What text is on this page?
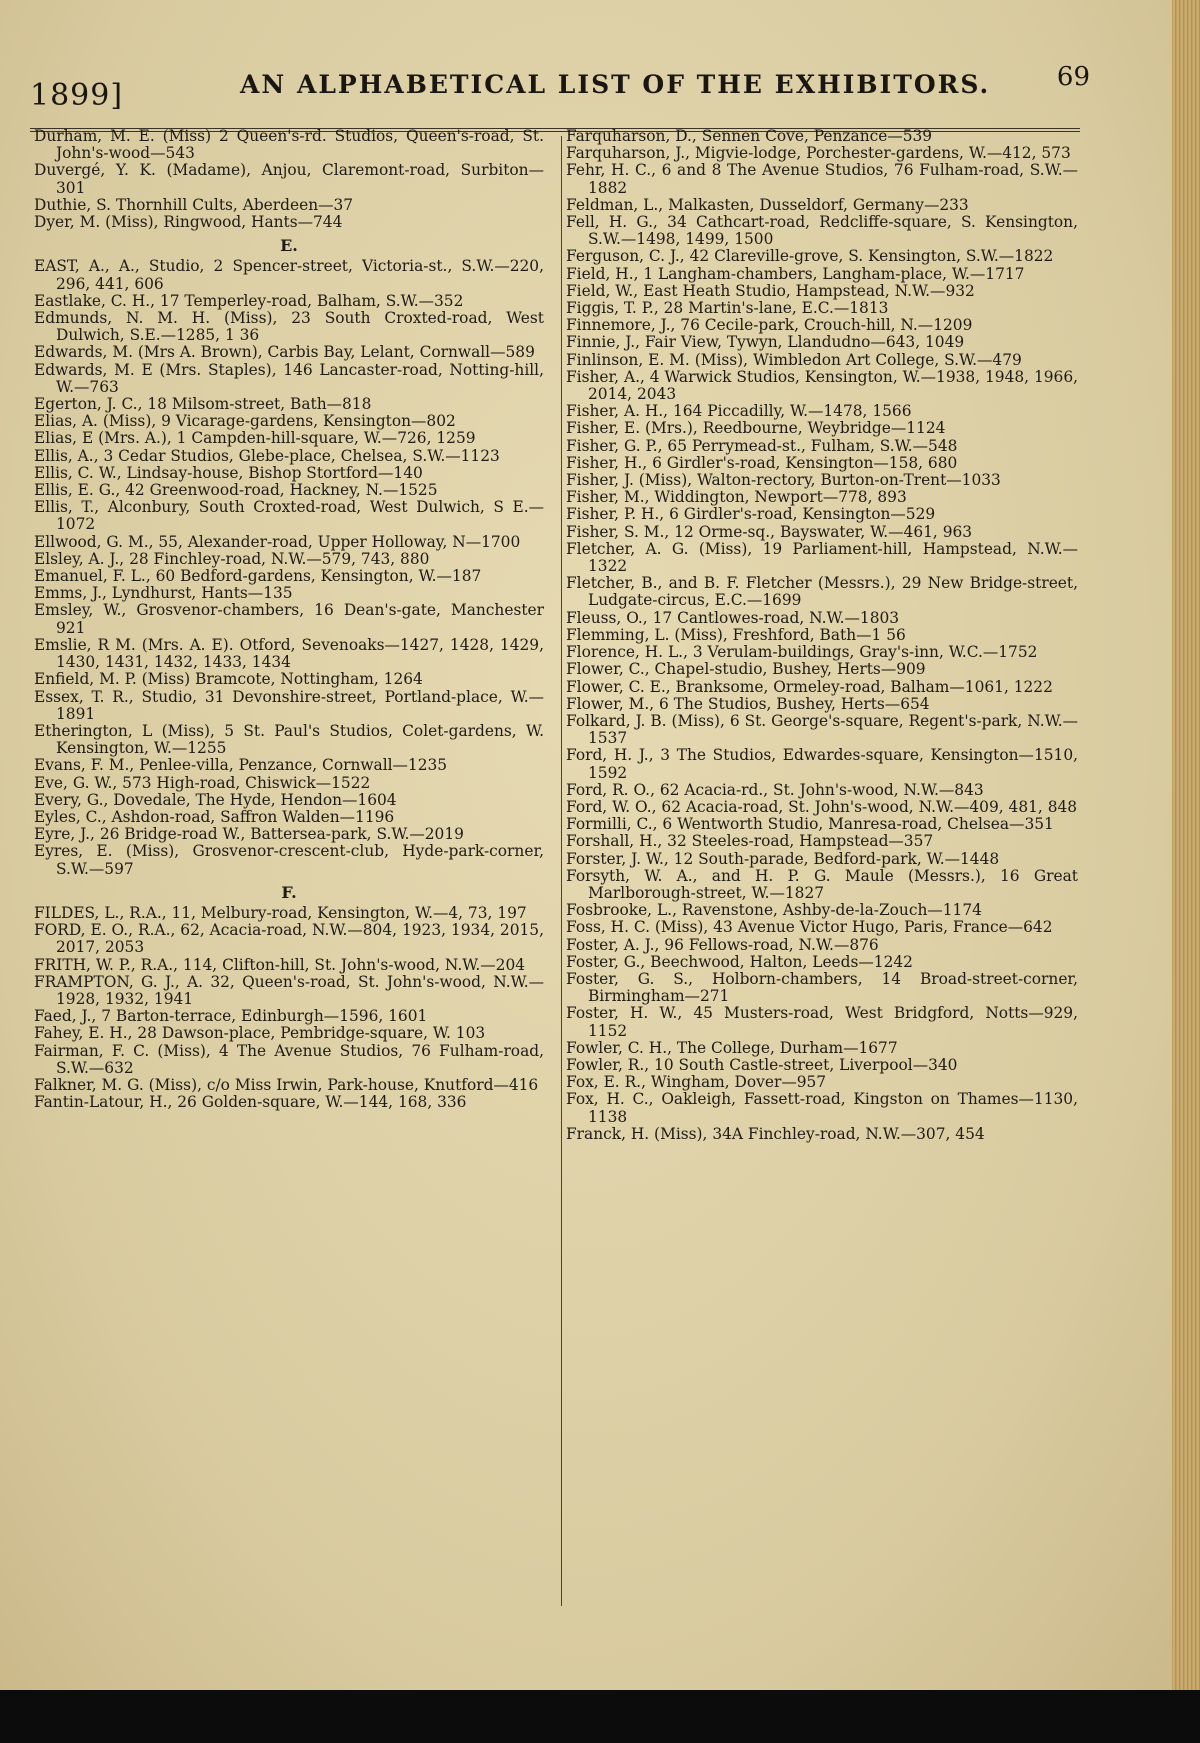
1899]	AN ALPHABETICAL LIST OF THE EXHIBITORS.	69

Durham, M. E. (Miss) 2 Queen's-rd. Studios, Queen's-road, St. John's-wood—543

Duvergé, Y. K. (Madame), Anjou, Claremont-road, Surbiton— 301

Duthie, S. Thornhill Cults, Aberdeen—37

Dyer, M. (Miss), Ringwood, Hants—744

E.

EAST, A., A., Studio, 2 Spencer-street, Victoria-st., S.W.—220, 296, 441, 606

Eastlake, C. H., 17 Temperley-road, Balham, S.W.—352

Edmunds, N. M. H. (Miss), 23 South Croxted-road, West Dulwich, S.E.—1285, 1 36

Edwards, M. (Mrs A. Brown), Carbis Bay, Lelant, Cornwall—589

Edwards, M. E (Mrs. Staples), 146 Lancaster-road, Notting-hill, W.—763

Egerton, J. C., 18 Milsom-street, Bath—818

Elias, A. (Miss), 9 Vicarage-gardens, Kensington—802

Elias, E (Mrs. A.), 1 Campden-hill-square, W.—726, 1259

Ellis, A., 3 Cedar Studios, Glebe-place, Chelsea, S.W.—1123

Ellis, C. W., Lindsay-house, Bishop Stortford—140

Ellis, E. G., 42 Greenwood-road, Hackney, N.—1525

Ellis, T., Alconbury, South Croxted-road, West Dulwich, S E.—1072

Ellwood, G. M., 55, Alexander-road, Upper Holloway, N—1700

Elsley, A. J., 28 Finchley-road, N.W.—579, 743, 880

Emanuel, F. L., 60 Bedford-gardens, Kensington, W.—187

Emms, J., Lyndhurst, Hants—135

Emsley, W., Grosvenor-chambers, 16 Dean's-gate, Manchester 921

Emslie, R M. (Mrs. A. E). Otford, Sevenoaks—1427, 1428, 1429, 1430, 1431, 1432, 1433, 1434

Enfield, M. P. (Miss) Bramcote, Nottingham, 1264

Essex, T. R., Studio, 31 Devonshire-street, Portland-place, W.—1891

Etherington, L (Miss), 5 St. Paul's Studios, Colet-gardens, W. Kensington, W.—1255

Evans, F. M., Penlee-villa, Penzance, Cornwall—1235

Eve, G. W., 573 High-road, Chiswick—1522

Every, G., Dovedale, The Hyde, Hendon—1604

Eyles, C., Ashdon-road, Saffron Walden—1196

Eyre, J., 26 Bridge-road W., Battersea-park, S.W.—2019

Eyres, E. (Miss), Grosvenor-crescent-club, Hyde-park-corner, S.W.—597

F.

FILDES, L., R.A., 11, Melbury-road, Kensington, W.—4, 73, 197

FORD, E. O., R.A., 62, Acacia-road, N.W.—804, 1923, 1934, 2015, 2017, 2053

FRITH, W. P., R.A., 114, Clifton-hill, St. John's-wood, N.W.—204

FRAMPTON, G. J., A. 32, Queen's-road, St. John's-wood, N.W.—1928, 1932, 1941

Faed, J., 7 Barton-terrace, Edinburgh—1596, 1601

Fahey, E. H., 28 Dawson-place, Pembridge-square, W. 103

Fairman, F. C. (Miss), 4 The Avenue Studios, 76 Fulham-road, S.W.—632

Falkner, M. G. (Miss), c/o Miss Irwin, Park-house, Knutford—416

Fantin-Latour, H., 26 Golden-square, W.—144, 168, 336

Farquharson, D., Sennen Cove, Penzance—539

Farquharson, J., Migvie-lodge, Porchester-gardens, W.—412, 573

Fehr, H. C., 6 and 8 The Avenue Studios, 76 Fulham-road, S.W.—1882

Feldman, L., Malkasten, Dusseldorf, Germany—233

Fell, H. G., 34 Cathcart-road, Redcliffe-square, S. Kensington, S.W.—1498, 1499, 1500

Ferguson, C. J., 42 Clareville-grove, S. Kensington, S.W.—1822

Field, H., 1 Langham-chambers, Langham-place, W.—1717

Field, W., East Heath Studio, Hampstead, N.W.—932

Figgis, T. P., 28 Martin's-lane, E.C.—1813

Finnemore, J., 76 Cecile-park, Crouch-hill, N.—1209

Finnie, J., Fair View, Tywyn, Llandudno—643, 1049

Finlinson, E. M. (Miss), Wimbledon Art College, S.W.—479

Fisher, A., 4 Warwick Studios, Kensington, W.—1938, 1948, 1966, 2014, 2043

Fisher, A. H., 164 Piccadilly, W.—1478, 1566

Fisher, E. (Mrs.), Reedbourne, Weybridge—1124

Fisher, G. P., 65 Perrymead-st., Fulham, S.W.—548

Fisher, H., 6 Girdler's-road, Kensington—158, 680

Fisher, J. (Miss), Walton-rectory, Burton-on-Trent—1033

Fisher, M., Widdington, Newport—778, 893

Fisher, P. H., 6 Girdler's-road, Kensington—529

Fisher, S. M., 12 Orme-sq., Bayswater, W.—461, 963

Fletcher, A. G. (Miss), 19 Parliament-hill, Hampstead, N.W.—1322

Fletcher, B., and B. F. Fletcher (Messrs.), 29 New Bridge-street, Ludgate-circus, E.C.—1699

Fleuss, O., 17 Cantlowes-road, N.W.—1803

Flemming, L. (Miss), Freshford, Bath—1 56

Florence, H. L., 3 Verulam-buildings, Gray's-inn, W.C.—1752

Flower, C., Chapel-studio, Bushey, Herts—909

Flower, C. E., Branksome, Ormeley-road, Balham—1061, 1222

Flower, M., 6 The Studios, Bushey, Herts—654

Folkard, J. B. (Miss), 6 St. George's-square, Regent's-park, N.W.—1537

Ford, H. J., 3 The Studios, Edwardes-square, Kensington—1510, 1592

Ford, R. O., 62 Acacia-rd., St. John's-wood, N.W.—843

Ford, W. O., 62 Acacia-road, St. John's-wood, N.W.—409, 481, 848

Formilli, C., 6 Wentworth Studio, Manresa-road, Chelsea—351

Forshall, H., 32 Steeles-road, Hampstead—357

Forster, J. W., 12 South-parade, Bedford-park, W.—1448

Forsyth, W. A., and H. P. G. Maule (Messrs.), 16 Great Marlborough-street, W.—1827

Fosbrooke, L., Ravenstone, Ashby-de-la-Zouch—1174

Foss, H. C. (Miss), 43 Avenue Victor Hugo, Paris, France—642

Foster, A. J., 96 Fellows-road, N.W.—876

Foster, G., Beechwood, Halton, Leeds—1242

Foster, G. S., Holborn-chambers, 14 Broad-street-corner, Birmingham—271

Foster, H. W., 45 Musters-road, West Bridgford, Notts—929, 1152

Fowler, C. H., The College, Durham—1677

Fowler, R., 10 South Castle-street, Liverpool—340

Fox, E. R., Wingham, Dover—957

Fox, H. C., Oakleigh, Fassett-road, Kingston on Thames—1130, 1138

Franck, H. (Miss), 34A Finchley-road, N.W.—307, 454
